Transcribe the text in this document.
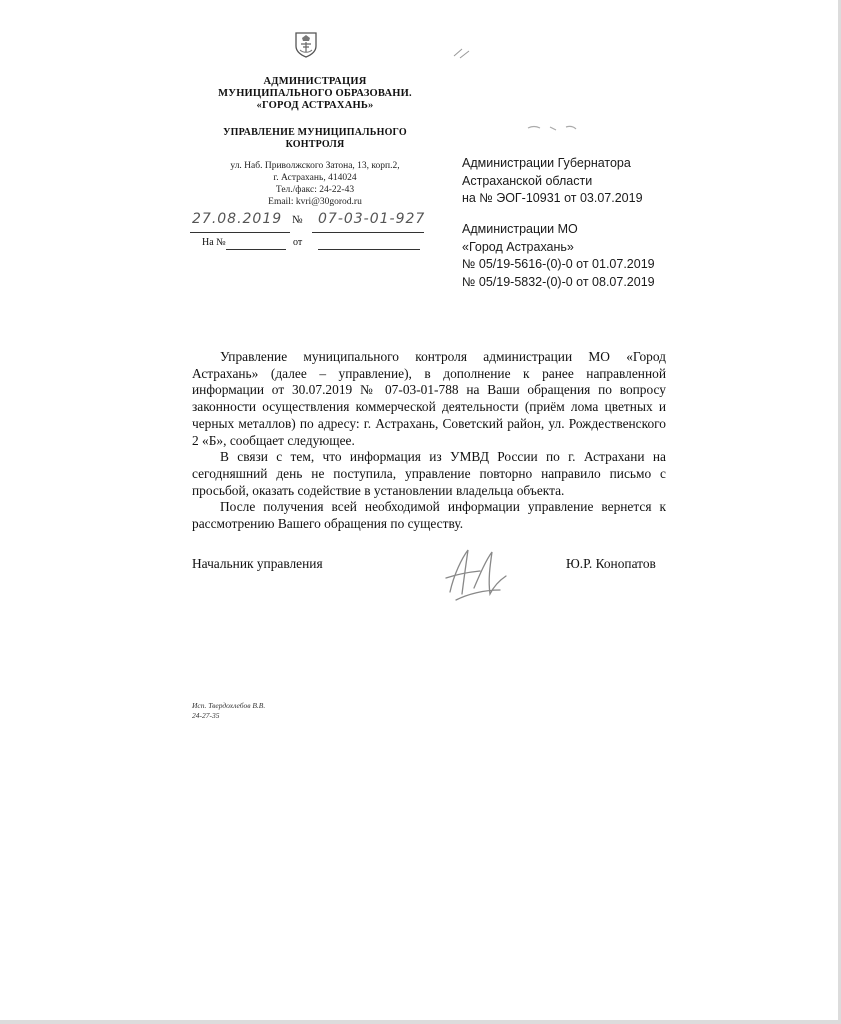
АДМИНИСТРАЦИЯ
МУНИЦИПАЛЬНОГО ОБРАЗОВАНИ.
«ГОРОД АСТРАХАНЬ»
УПРАВЛЕНИЕ МУНИЦИПАЛЬНОГО
КОНТРОЛЯ
ул. Наб. Приволжского Затона, 13, корп.2,
г. Астрахань, 414024
Тел./факс: 24-22-43
Email: kvri@30gorod.ru
27.08.2019 № 07-03-01-927
На №	от
Администрации Губернатора
Астраханской области
на № ЭОГ-10931 от 03.07.2019
Администрации МО
«Город Астрахань»
№ 05/19-5616-(0)-0 от 01.07.2019
№ 05/19-5832-(0)-0 от 08.07.2019

Управление муниципального контроля администрации МО «Город Астрахань» (далее – управление), в дополнение к ранее направленной информации от 30.07.2019 № 07-03-01-788 на Ваши обращения по вопросу законности осуществления коммерческой деятельности (приём лома цветных и черных металлов) по адресу: г. Астрахань, Советский район, ул. Рождественского 2 «Б», сообщает следующее.

В связи с тем, что информация из УМВД России по г. Астрахани на сегодняшний день не поступила, управление повторно направило письмо с просьбой, оказать содействие в установлении владельца объекта.

После получения всей необходимой информации управление вернется к рассмотрению Вашего обращения по существу.

Начальник управления	Ю.Р. Конопатов
Исп. Твердохлебов В.В.
24-27-35
